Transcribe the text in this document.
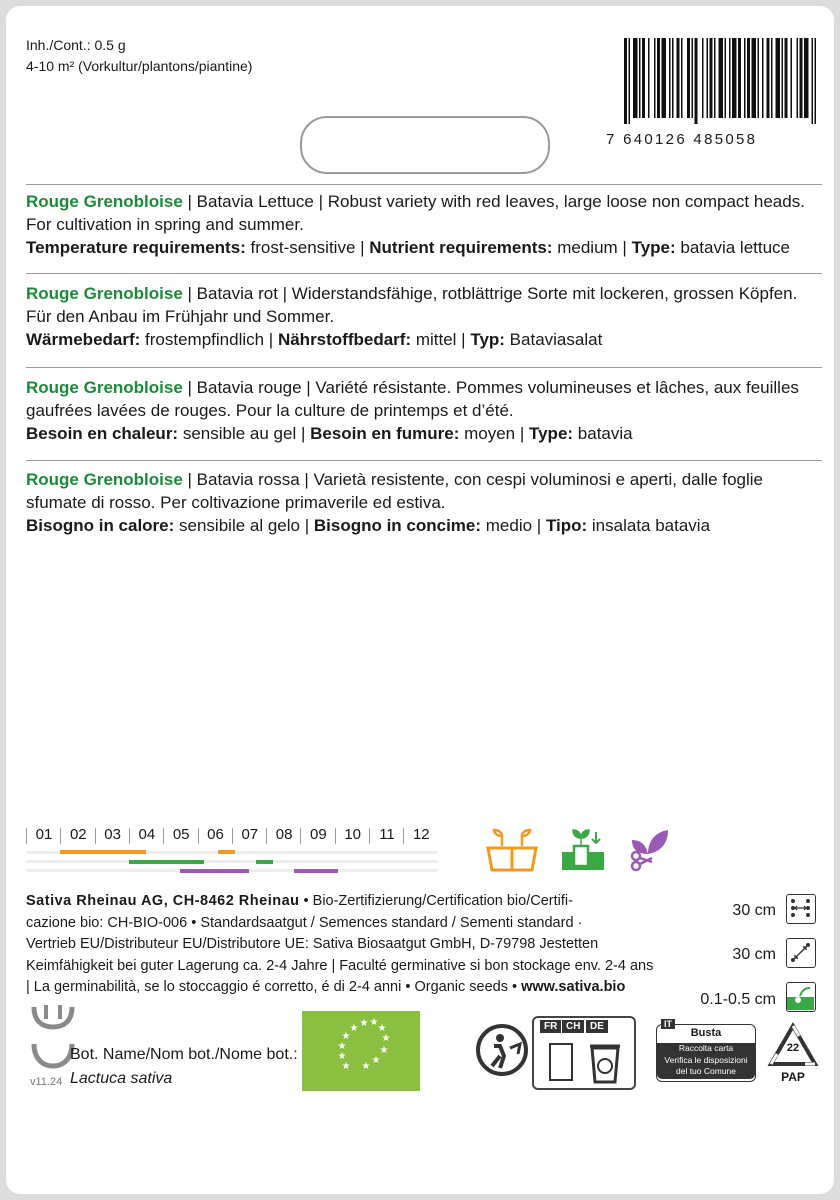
Inh./Cont.: 0.5 g
4-10 m² (Vorkultur/plantons/piantine)
7 640126 485058
Rouge Grenobloise | Batavia Lettuce | Robust variety with red leaves, large loose non compact heads. For cultivation in spring and summer.
Temperature requirements: frost-sensitive | Nutrient requirements: medium | Type: batavia lettuce
Rouge Grenobloise | Batavia rot | Widerstandsfähige, rotblättrige Sorte mit lockeren, grossen Köpfen. Für den Anbau im Frühjahr und Sommer.
Wärmebedarf: frostempfindlich | Nährstoffbedarf: mittel | Typ: Bataviasalat
Rouge Grenobloise | Batavia rouge | Variété résistante. Pommes volumineuses et lâches, aux feuilles gaufrées lavées de rouges. Pour la culture de printemps et d’été.
Besoin en chaleur: sensible au gel | Besoin en fumure: moyen | Type: batavia
Rouge Grenobloise | Batavia rossa | Varietà resistente, con cespi voluminosi e aperti, dalle foglie sfumate di rosso. Per coltivazione primaverile ed estiva.
Bisogno in calore: sensibile al gelo | Bisogno in concime: medio | Tipo: insalata batavia
01	02	03	04	05	06	07	08	09	10	11	12
Sativa Rheinau AG, CH-8462 Rheinau • Bio-Zertifizierung/Certification bio/Certifi-
cazione bio: CH-BIO-006 • Standardsaatgut / Semences standard / Sementi standard ·
Vertrieb EU/Distributeur EU/Distributore UE: Sativa Biosaatgut GmbH, D-79798 Jestetten
Keimfähigkeit bei guter Lagerung ca. 2-4 Jahre | Faculté germinative si bon stockage env. 2-4 ans
| La germinabilità, se lo stoccaggio é corretto, é di 2-4 anni • Organic seeds • www.sativa.bio
30 cm
30 cm
0.1-0.5 cm
v11.24
Bot. Name/Nom bot./Nome bot.:
Lactuca sativa
★
★
★
★
★ ★ ★
★
★
★
★
★
FR CH DE	IT
Busta
Raccolta carta
Verifica le disposizioni
del tuo Comune
22
PAP
